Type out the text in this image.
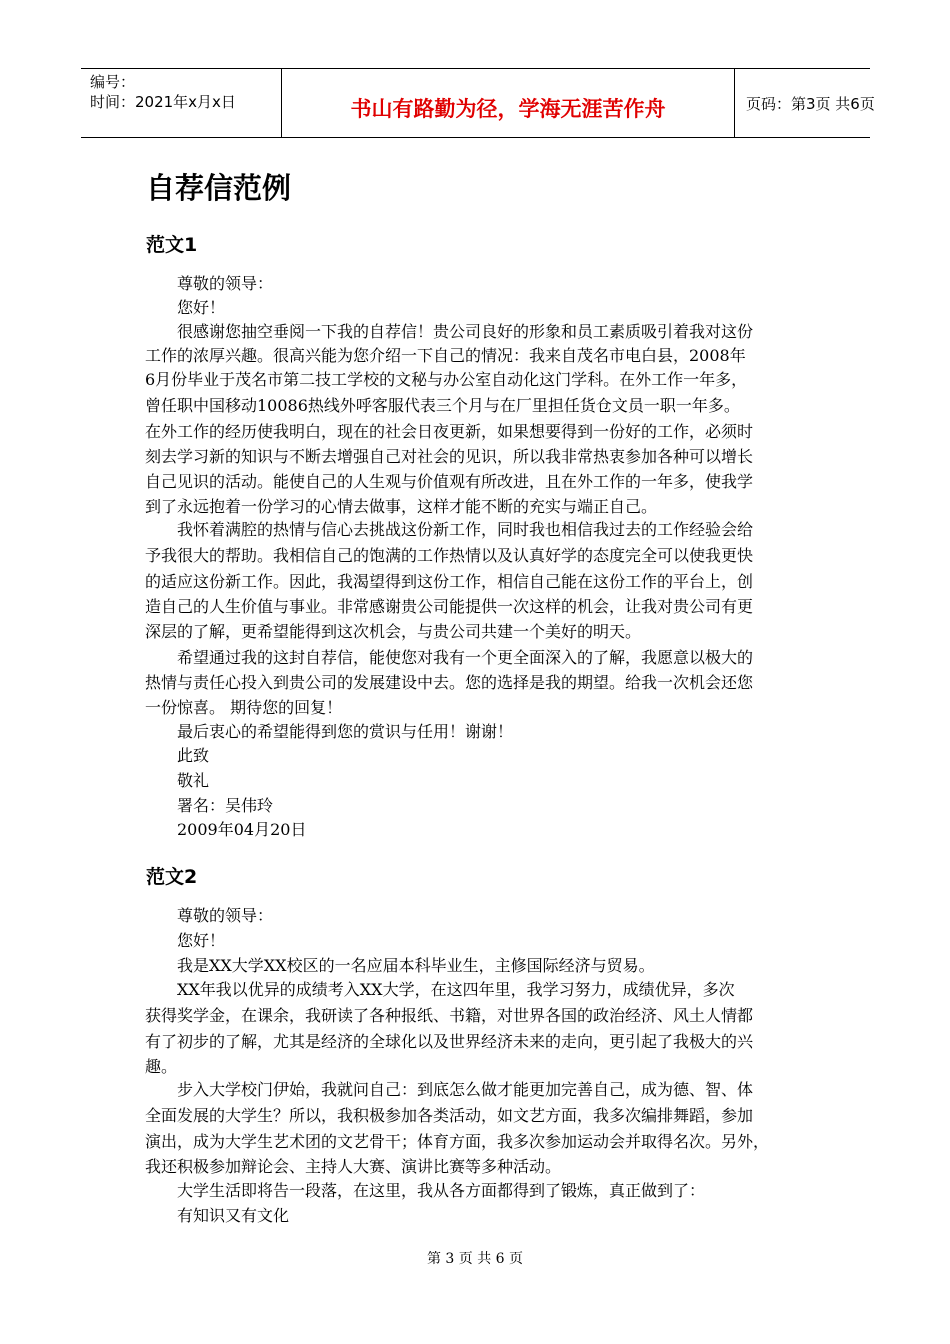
编号：
时间：2021年x月x日	书山有路勤为径，学海无涯苦作舟	页码：第3页 共6页
自荐信范例
范文1
尊敬的领导：
您好！
很感谢您抽空垂阅一下我的自荐信！贵公司良好的形象和员工素质吸引着我对这份
工作的浓厚兴趣。很高兴能为您介绍一下自己的情况：我来自茂名市电白县，2008年
6月份毕业于茂名市第二技工学校的文秘与办公室自动化这门学科。在外工作一年多，
曾任职中国移动10086热线外呼客服代表三个月与在厂里担任货仓文员一职一年多。
在外工作的经历使我明白，现在的社会日夜更新，如果想要得到一份好的工作，必须时
刻去学习新的知识与不断去增强自己对社会的见识，所以我非常热衷参加各种可以增长
自己见识的活动。能使自己的人生观与价值观有所改进，且在外工作的一年多，使我学
到了永远抱着一份学习的心情去做事，这样才能不断的充实与端正自己。
我怀着满腔的热情与信心去挑战这份新工作，同时我也相信我过去的工作经验会给
予我很大的帮助。我相信自己的饱满的工作热情以及认真好学的态度完全可以使我更快
的适应这份新工作。因此，我渴望得到这份工作，相信自己能在这份工作的平台上，创
造自己的人生价值与事业。非常感谢贵公司能提供一次这样的机会，让我对贵公司有更
深层的了解，更希望能得到这次机会，与贵公司共建一个美好的明天。
希望通过我的这封自荐信，能使您对我有一个更全面深入的了解，我愿意以极大的
热情与责任心投入到贵公司的发展建设中去。您的选择是我的期望。给我一次机会还您
一份惊喜。 期待您的回复！
最后衷心的希望能得到您的赏识与任用！谢谢！
此致
敬礼
署名：吴伟玲
2009年04月20日
范文2
尊敬的领导：
您好！
我是XX大学XX校区的一名应届本科毕业生，主修国际经济与贸易。
XX年我以优异的成绩考入XX大学，在这四年里，我学习努力，成绩优异，多次
获得奖学金，在课余，我研读了各种报纸、书籍，对世界各国的政治经济、风土人情都
有了初步的了解，尤其是经济的全球化以及世界经济未来的走向，更引起了我极大的兴
趣。
步入大学校门伊始，我就问自己：到底怎么做才能更加完善自己，成为德、智、体
全面发展的大学生？所以，我积极参加各类活动，如文艺方面，我多次编排舞蹈，参加
演出，成为大学生艺术团的文艺骨干；体育方面，我多次参加运动会并取得名次。另外，
我还积极参加辩论会、主持人大赛、演讲比赛等多种活动。
大学生活即将告一段落，在这里，我从各方面都得到了锻炼，真正做到了：
有知识又有文化
第 3 页 共 6 页
